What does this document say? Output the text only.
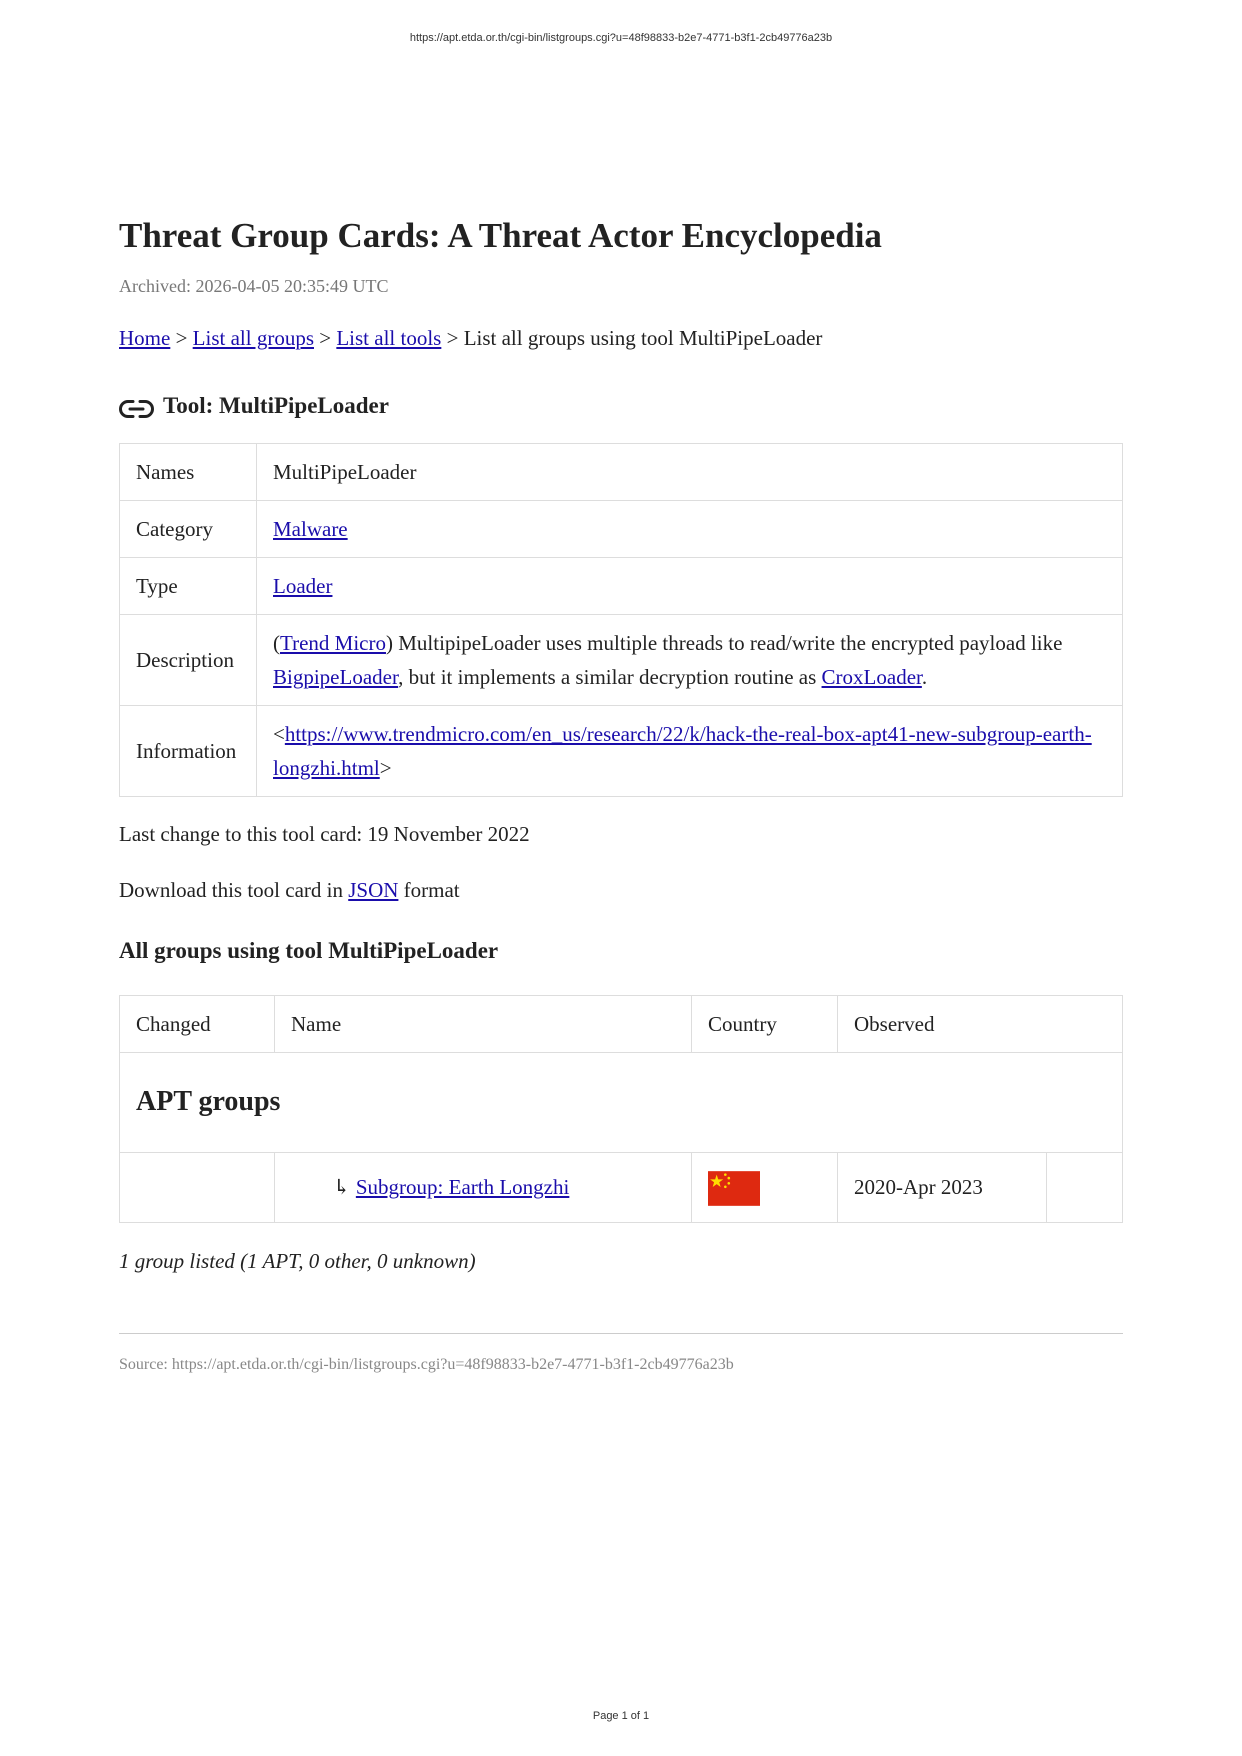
https://apt.etda.or.th/cgi-bin/listgroups.cgi?u=48f98833-b2e7-4771-b3f1-2cb49776a23b
Threat Group Cards: A Threat Actor Encyclopedia
Archived: 2026-04-05 20:35:49 UTC
Home > List all groups > List all tools > List all groups using tool MultiPipeLoader
Tool: MultiPipeLoader
Names	MultiPipeLoader
Category	Malware
Type	Loader
Description	(Trend Micro) MultipipeLoader uses multiple threads to read/write the encrypted payload like BigpipeLoader, but it implements a similar decryption routine as CroxLoader.
Information	<https://www.trendmicro.com/en_us/research/22/k/hack-the-real-box-apt41-new-subgroup-earth-longzhi.html>
Last change to this tool card: 19 November 2022
Download this tool card in JSON format
All groups using tool MultiPipeLoader
Changed	Name	Country	Observed	
APT groups				
	↳ Subgroup: Earth Longzhi		2020-Apr 2023	
1 group listed (1 APT, 0 other, 0 unknown)
Source: https://apt.etda.or.th/cgi-bin/listgroups.cgi?u=48f98833-b2e7-4771-b3f1-2cb49776a23b
Page 1 of 1
